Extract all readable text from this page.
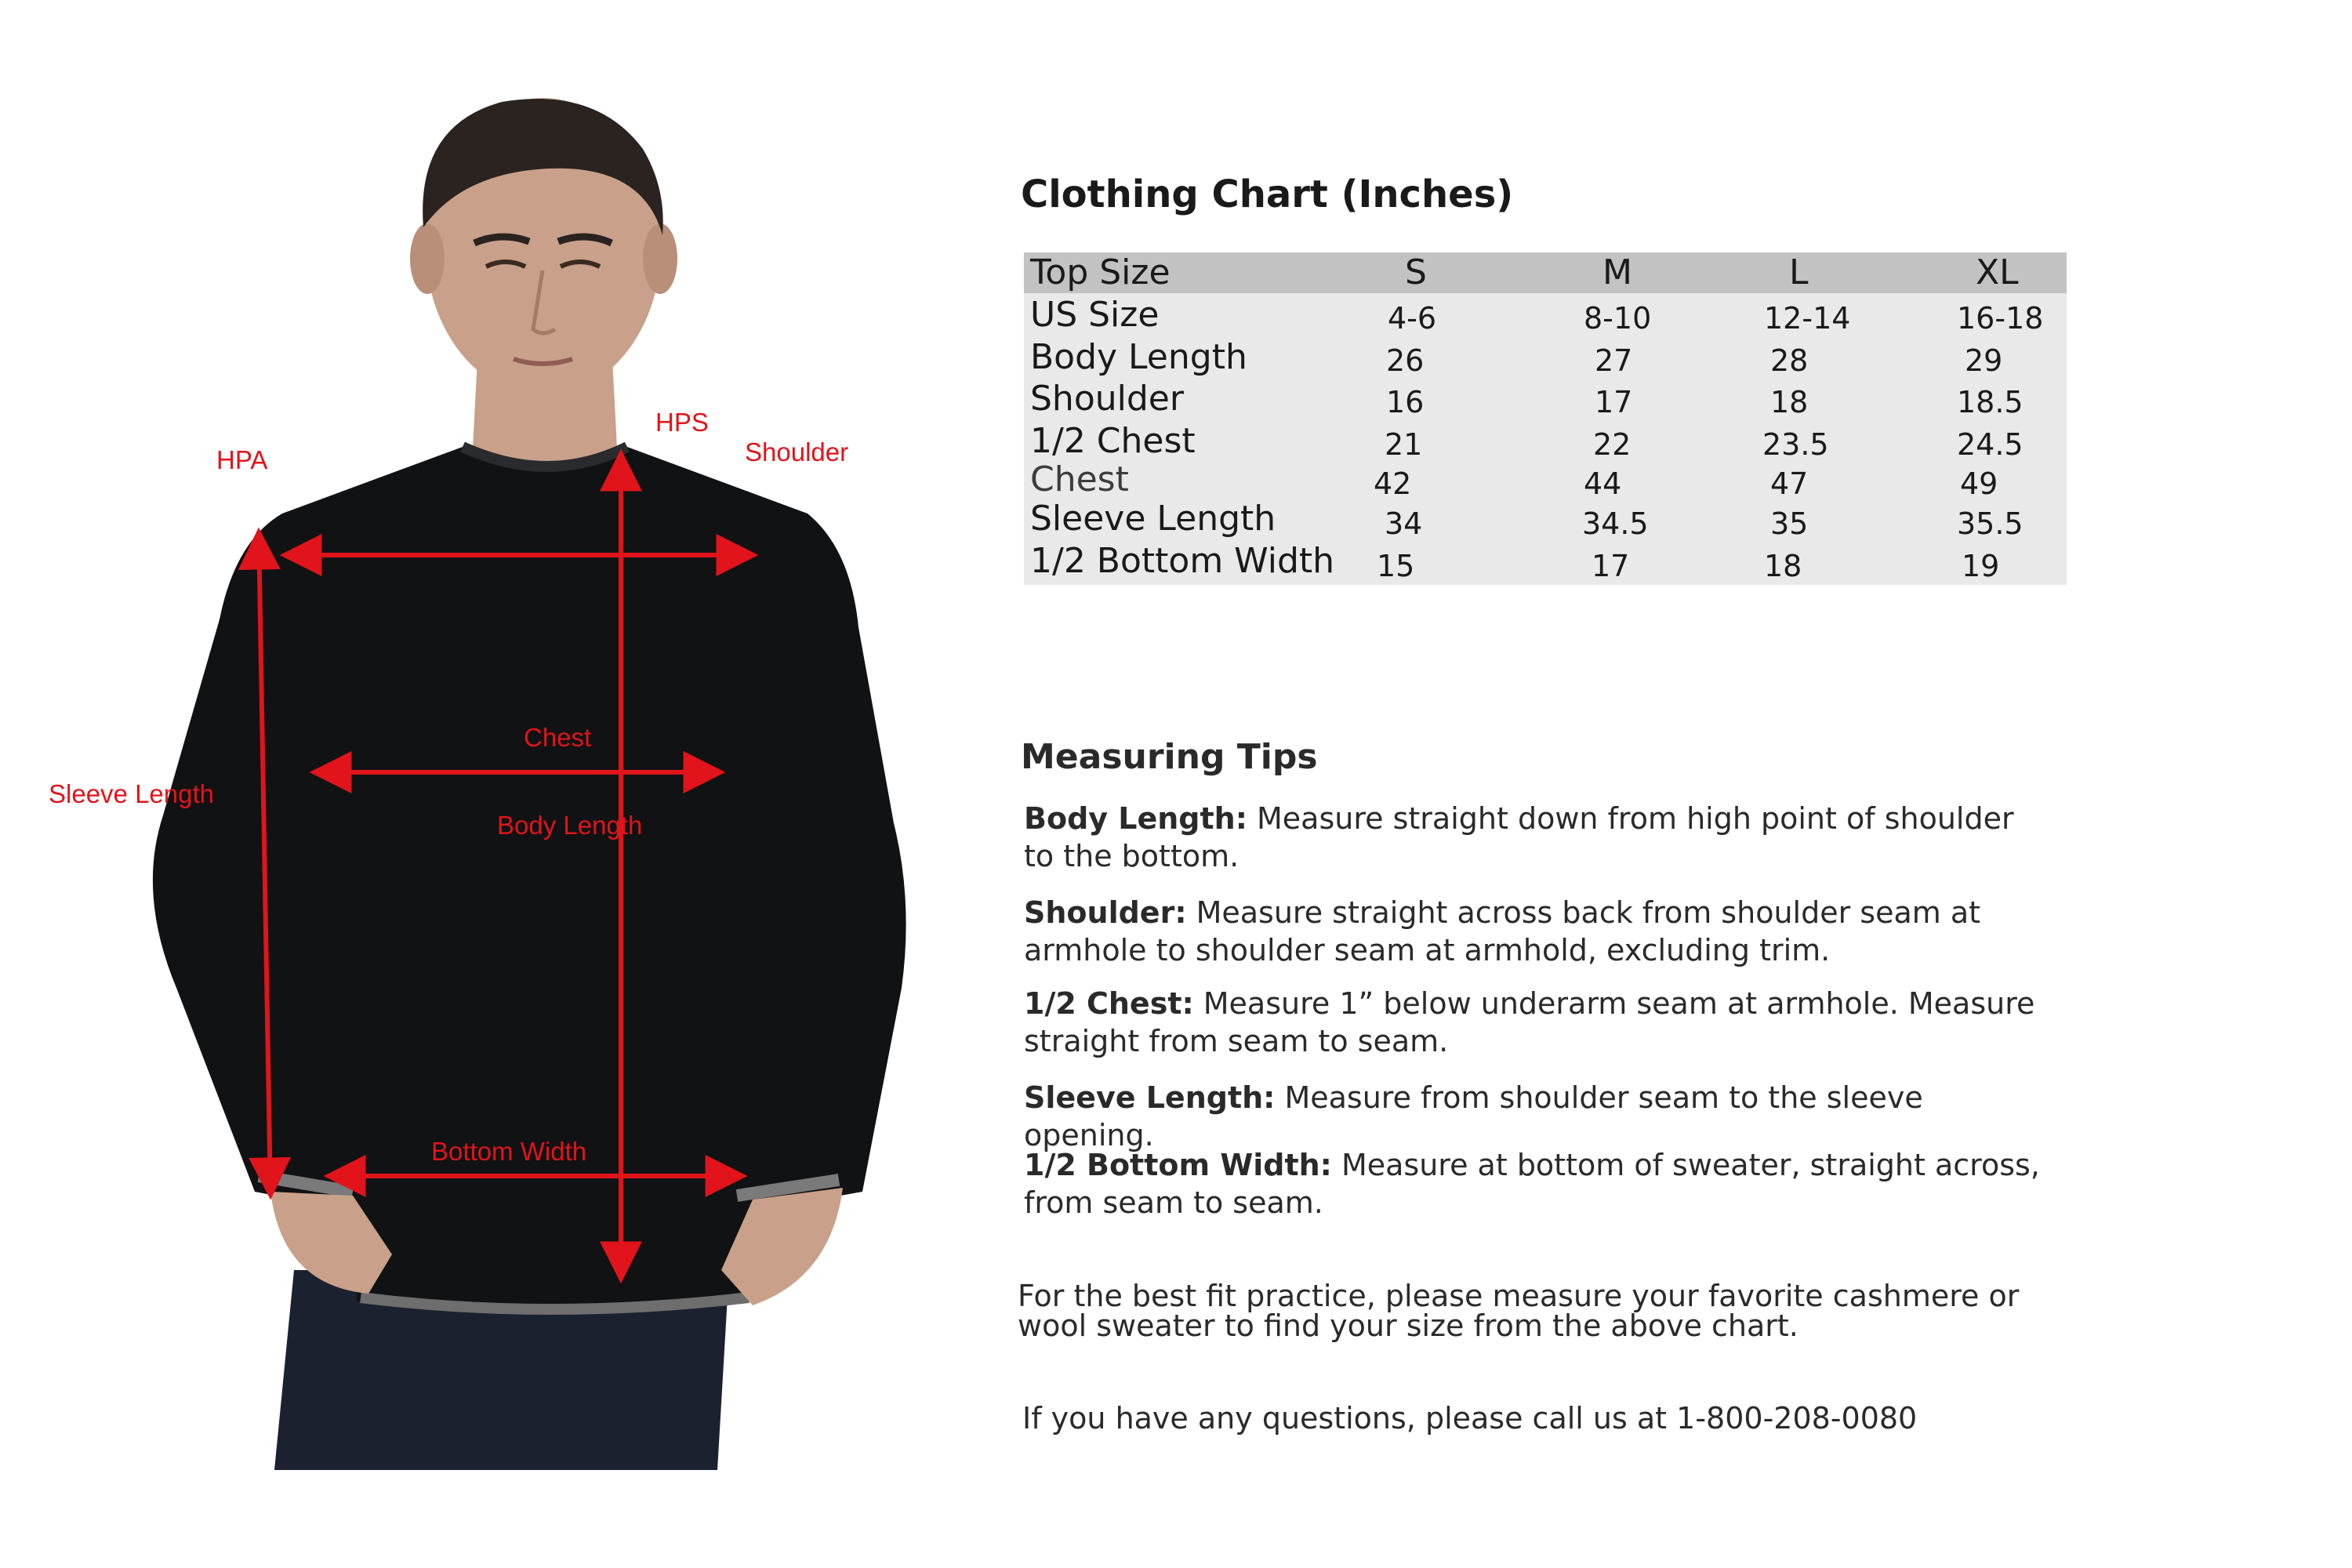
HPA
HPS
Shoulder
Chest
Sleeve Length
Body Length
Bottom Width
Clothing Chart (Inches)
Top Size	S	M	L	XL
US Size	4-6	8-10	12-14	16-18
Body Length	26	27	28	29
Shoulder	16	17	18	18.5
1/2 Chest	21	22	23.5	24.5
Chest	42	44	47	49
Sleeve Length	34	34.5	35	35.5
1/2 Bottom Width 15	17	18	19
Measuring Tips
Body Length: Measure straight down from high point of shoulder to the bottom.
Shoulder: Measure straight across back from shoulder seam at armhole to shoulder seam at armhold, excluding trim.
1/2 Chest: Measure 1” below underarm seam at armhole. Measure straight from seam to seam.
Sleeve Length: Measure from shoulder seam to the sleeve opening.
1/2 Bottom Width: Measure at bottom of sweater, straight across, from seam to seam.
For the best fit practice, please measure your favorite cashmere or wool sweater to find your size from the above chart.
If you have any questions, please call us at 1-800-208-0080
